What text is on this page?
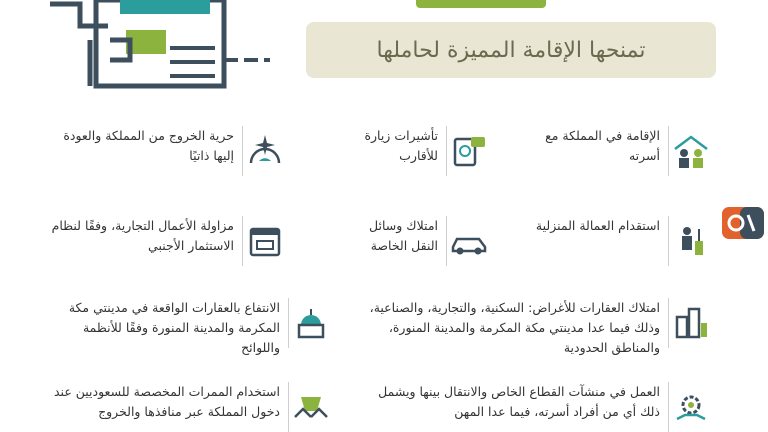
تمنحها الإقامة المميزة لحاملها
الإقامة في المملكة مع أسرته
تأشيرات زيارة للأقارب
حرية الخروج من المملكة والعودة إليها ذاتيًا
استقدام العمالة المنزلية
امتلاك وسائل النقل الخاصة
مزاولة الأعمال التجارية، وفقًا لنظام الاستثمار الأجنبي
امتلاك العقارات للأغراض: السكنية، والتجارية، والصناعية، وذلك فيما عدا مدينتي مكة المكرمة والمدينة المنورة، والمناطق الحدودية
الانتفاع بالعقارات الواقعة في مدينتي مكة المكرمة والمدينة المنورة وفقًا للأنظمة واللوائح
العمل في منشآت القطاع الخاص والانتقال بينها ويشمل ذلك أي من أفراد أسرته، فيما عدا المهن
استخدام الممرات المخصصة للسعوديين عند دخول المملكة عبر منافذها والخروج
